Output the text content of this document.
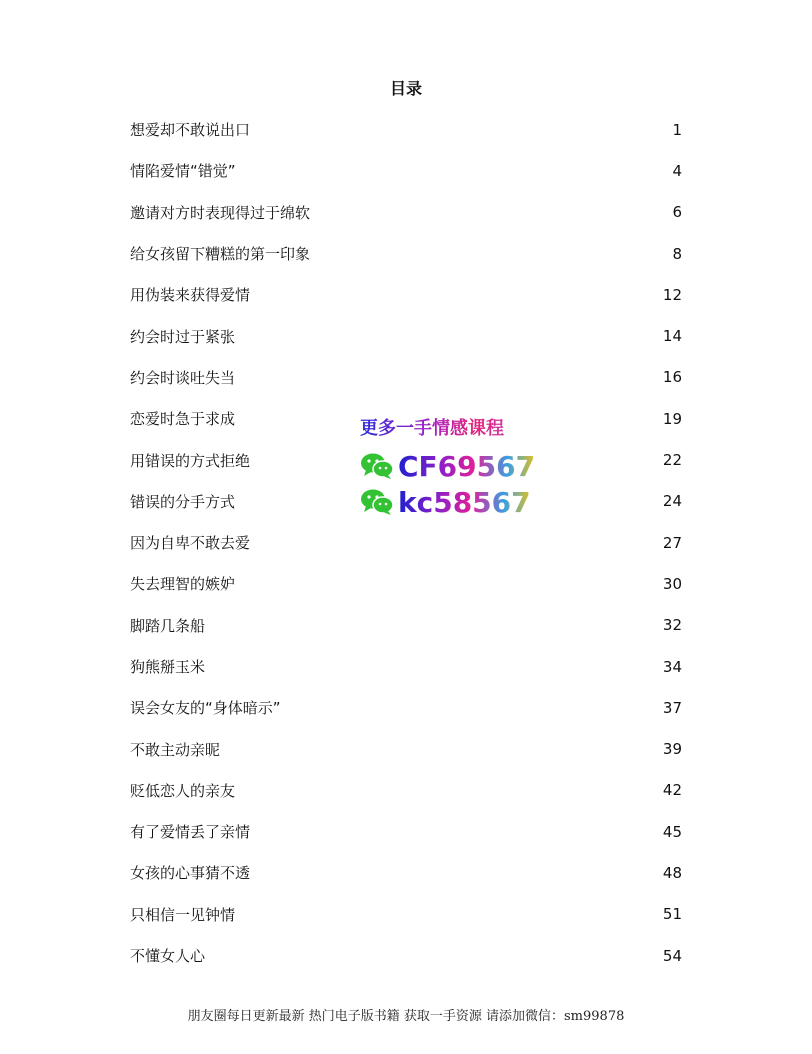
目录
想爱却不敢说出口	1
情陷爱情“错觉”	4
邀请对方时表现得过于绵软	6
给女孩留下糟糕的第一印象	8
用伪装来获得爱情	12
约会时过于紧张	14
约会时谈吐失当	16
恋爱时急于求成	19
用错误的方式拒绝	22
错误的分手方式	24
因为自卑不敢去爱	27
失去理智的嫉妒	30
脚踏几条船	32
狗熊掰玉米	34
误会女友的“身体暗示”	37
不敢主动亲昵	39
贬低恋人的亲友	42
有了爱情丢了亲情	45
女孩的心事猜不透	48
只相信一见钟情	51
不懂女人心	54
更多一手情感课程
CF69567
kc58567
朋友圈每日更新最新 热门电子版书籍 获取一手资源 请添加微信：sm99878
